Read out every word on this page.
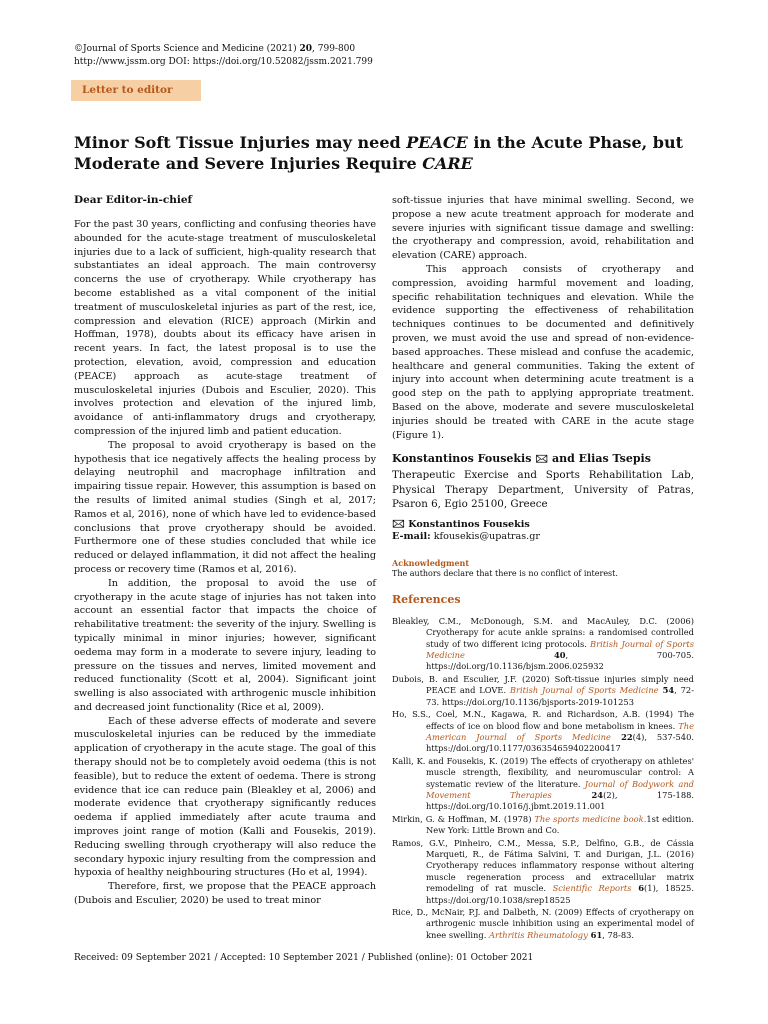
©Journal of Sports Science and Medicine (2021) 20, 799-800
http://www.jssm.org DOI: https://doi.org/10.52082/jssm.2021.799
Letter to editor
Minor Soft Tissue Injuries may need PEACE in the Acute Phase, but Moderate and Severe Injuries Require CARE
Dear Editor-in-chief

For the past 30 years, conflicting and confusing theories have abounded for the acute-stage treatment of musculoskeletal injuries due to a lack of sufficient, high-quality research that substantiates an ideal approach. The main controversy concerns the use of cryotherapy. While cryotherapy has become established as a vital component of the initial treatment of musculoskeletal injuries as part of the rest, ice, compression and elevation (RICE) approach (Mirkin and Hoffman, 1978), doubts about its efficacy have arisen in recent years. In fact, the latest proposal is to use the protection, elevation, avoid, compression and education (PEACE) approach as acute-stage treatment of musculoskeletal injuries (Dubois and Esculier, 2020). This involves protection and elevation of the injured limb, avoidance of anti-inflammatory drugs and cryotherapy, compression of the injured limb and patient education.

The proposal to avoid cryotherapy is based on the hypothesis that ice negatively affects the healing process by delaying neutrophil and macrophage infiltration and impairing tissue repair. However, this assumption is based on the results of limited animal studies (Singh et al, 2017; Ramos et al, 2016), none of which have led to evidence-based conclusions that prove cryotherapy should be avoided. Furthermore one of these studies concluded that while ice reduced or delayed inflammation, it did not affect the healing process or recovery time (Ramos et al, 2016).

In addition, the proposal to avoid the use of cryotherapy in the acute stage of injuries has not taken into account an essential factor that impacts the choice of rehabilitative treatment: the severity of the injury. Swelling is typically minimal in minor injuries; however, significant oedema may form in a moderate to severe injury, leading to pressure on the tissues and nerves, limited movement and reduced functionality (Scott et al, 2004). Significant joint swelling is also associated with arthrogenic muscle inhibition and decreased joint functionality (Rice et al, 2009).

Each of these adverse effects of moderate and severe musculoskeletal injuries can be reduced by the immediate application of cryotherapy in the acute stage. The goal of this therapy should not be to completely avoid oedema (this is not feasible), but to reduce the extent of oedema. There is strong evidence that ice can reduce pain (Bleakley et al, 2006) and moderate evidence that cryotherapy significantly reduces oedema if applied immediately after acute trauma and improves joint range of motion (Kalli and Fousekis, 2019). Reducing swelling through cryotherapy will also reduce the secondary hypoxic injury resulting from the compression and hypoxia of healthy neighbouring structures (Ho et al, 1994).

Therefore, first, we propose that the PEACE approach (Dubois and Esculier, 2020) be used to treat minor

soft-tissue injuries that have minimal swelling. Second, we propose a new acute treatment approach for moderate and severe injuries with significant tissue damage and swelling: the cryotherapy and compression, avoid, rehabilitation and elevation (CARE) approach.

This approach consists of cryotherapy and compression, avoiding harmful movement and loading, specific rehabilitation techniques and elevation. While the evidence supporting the effectiveness of rehabilitation techniques continues to be documented and definitively proven, we must avoid the use and spread of non-evidence-based approaches. These mislead and confuse the academic, healthcare and general communities. Taking the extent of injury into account when determining acute treatment is a good step on the path to applying appropriate treatment. Based on the above, moderate and severe musculoskeletal injuries should be treated with CARE in the acute stage (Figure 1).

Konstantinos Fousekis 🖂 and Elias Tsepis
Therapeutic Exercise and Sports Rehabilitation Lab, Physical Therapy Department, University of Patras, Psaron 6, Egio 25100, Greece
🖂 Konstantinos Fousekis
E-mail: kfousekis@upatras.gr
Acknowledgment
The authors declare that there is no conflict of interest.
References
Bleakley, C.M., McDonough, S.M. and MacAuley, D.C. (2006) Cryotherapy for acute ankle sprains: a randomised controlled study of two different icing protocols. British Journal of Sports Medicine 40, 700-705. https://doi.org/10.1136/bjsm.2006.025932
Dubois, B. and Esculier, J.F. (2020) Soft-tissue injuries simply need PEACE and LOVE. British Journal of Sports Medicine 54, 72-73. https://doi.org/10.1136/bjsports-2019-101253
Ho, S.S., Coel, M.N., Kagawa, R. and Richardson, A.B. (1994) The effects of ice on blood flow and bone metabolism in knees. The American Journal of Sports Medicine 22(4), 537-540. https://doi.org/10.1177/036354659402200417
Kalli, K. and Fousekis, K. (2019) The effects of cryotherapy on athletes' muscle strength, flexibility, and neuromuscular control: A systematic review of the literature. Journal of Bodywork and Movement Therapies 24(2), 175-188. https://doi.org/10.1016/j.jbmt.2019.11.001
Mirkin, G. & Hoffman, M. (1978) The sports medicine book.1st edition. New York: Little Brown and Co.
Ramos, G.V., Pinheiro, C.M., Messa, S.P., Delfino, G.B., de Cássia Marqueti, R., de Fátima Salvini, T. and Durigan, J.L. (2016) Cryotherapy reduces inflammatory response without altering muscle regeneration process and extracellular matrix remodeling of rat muscle. Scientific Reports 6(1), 18525. https://doi.org/10.1038/srep18525
Rice, D., McNair, P.J. and Dalbeth, N. (2009) Effects of cryotherapy on arthrogenic muscle inhibition using an experimental model of knee swelling. Arthritis Rheumatology 61, 78-83.
Received: 09 September 2021 / Accepted: 10 September 2021 / Published (online): 01 October 2021
